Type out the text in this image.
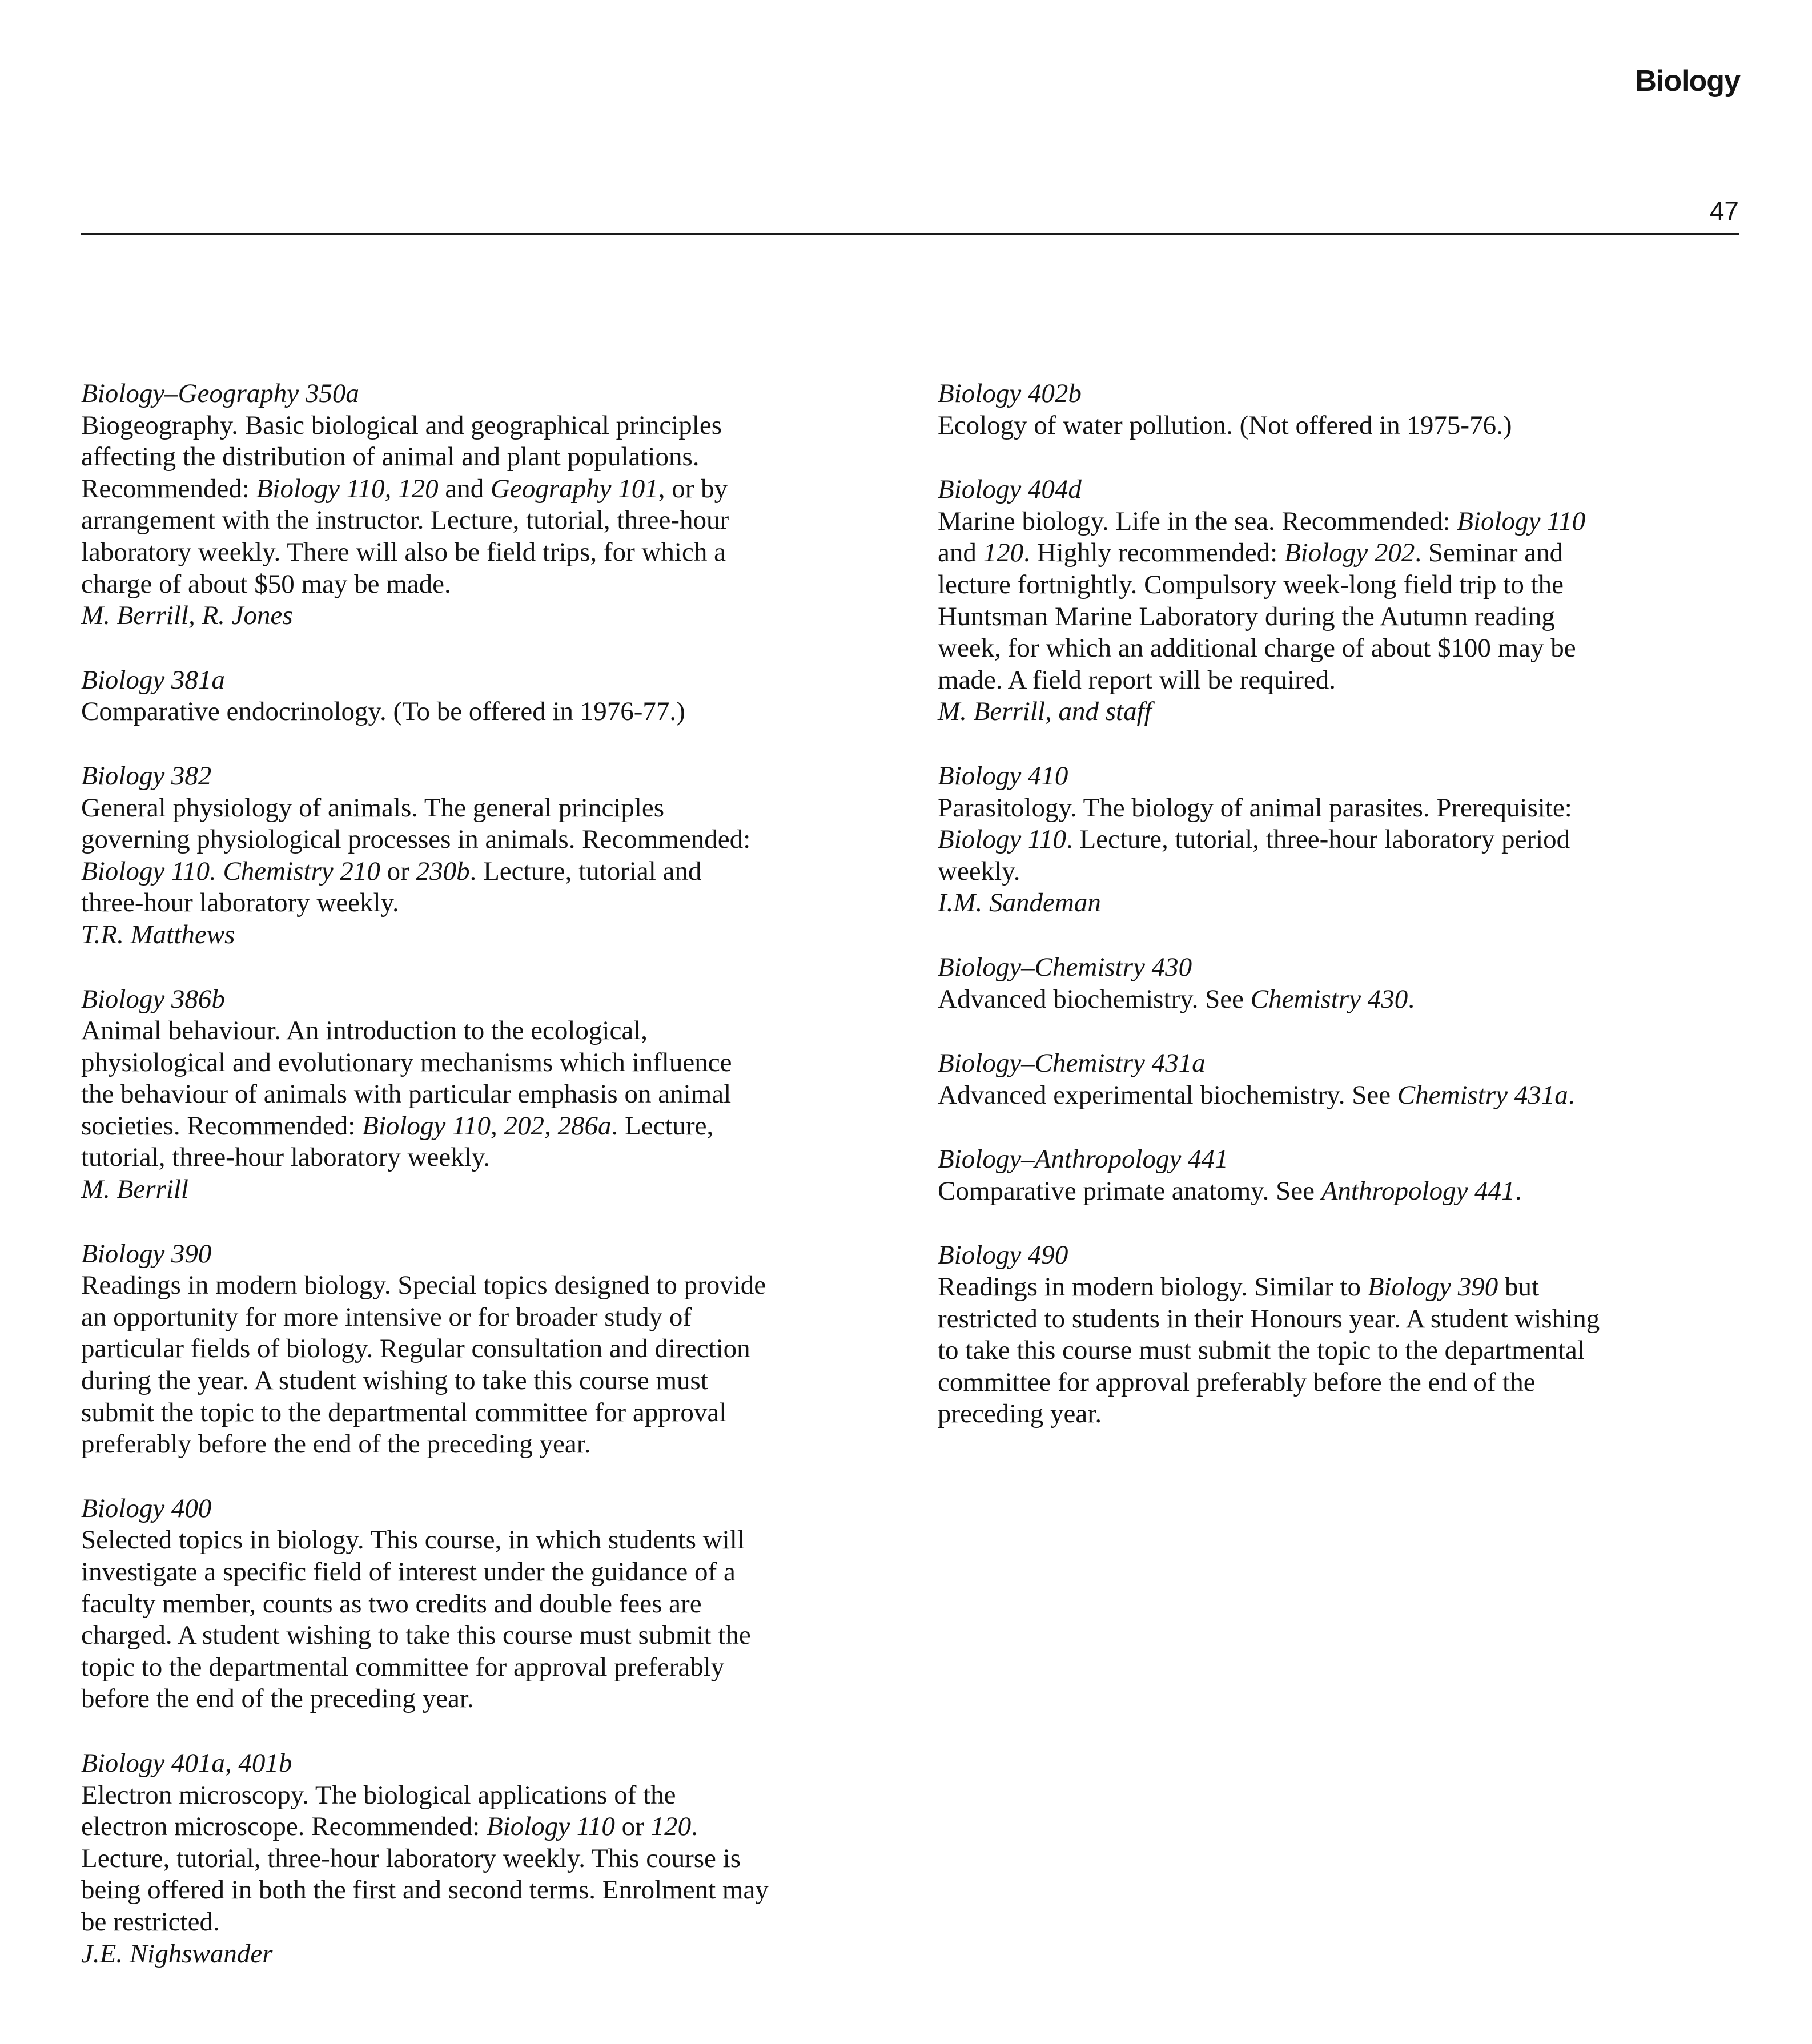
Biology
47

Biology–Geography 350a

Biogeography. Basic biological and geographical principles
affecting the distribution of animal and plant populations.
Recommended: Biology 110, 120 and Geography 101, or by
arrangement with the instructor. Lecture, tutorial, three-hour
laboratory weekly. There will also be field trips, for which a
charge of about $50 may be made.

M. Berrill, R. Jones

Biology 381a

Comparative endocrinology. (To be offered in 1976-77.)

Biology 382

General physiology of animals. The general principles
governing physiological processes in animals. Recommended:
Biology 110. Chemistry 210 or 230b. Lecture, tutorial and
three-hour laboratory weekly.

T.R. Matthews

Biology 386b

Animal behaviour. An introduction to the ecological,
physiological and evolutionary mechanisms which influence
the behaviour of animals with particular emphasis on animal
societies. Recommended: Biology 110, 202, 286a. Lecture,
tutorial, three-hour laboratory weekly.

M. Berrill

Biology 390

Readings in modern biology. Special topics designed to provide
an opportunity for more intensive or for broader study of
particular fields of biology. Regular consultation and direction
during the year. A student wishing to take this course must
submit the topic to the departmental committee for approval
preferably before the end of the preceding year.

Biology 400

Selected topics in biology. This course, in which students will
investigate a specific field of interest under the guidance of a
faculty member, counts as two credits and double fees are
charged. A student wishing to take this course must submit the
topic to the departmental committee for approval preferably
before the end of the preceding year.

Biology 401a, 401b

Electron microscopy. The biological applications of the
electron microscope. Recommended: Biology 110 or 120.
Lecture, tutorial, three-hour laboratory weekly. This course is
being offered in both the first and second terms. Enrolment may
be restricted.

J.E. Nighswander

Biology 402b

Ecology of water pollution. (Not offered in 1975-76.)

Biology 404d

Marine biology. Life in the sea. Recommended: Biology 110
and 120. Highly recommended: Biology 202. Seminar and
lecture fortnightly. Compulsory week-long field trip to the
Huntsman Marine Laboratory during the Autumn reading
week, for which an additional charge of about $100 may be
made. A field report will be required.

M. Berrill, and staff

Biology 410

Parasitology. The biology of animal parasites. Prerequisite:
Biology 110. Lecture, tutorial, three-hour laboratory period
weekly.

I.M. Sandeman

Biology–Chemistry 430

Advanced biochemistry. See Chemistry 430.

Biology–Chemistry 431a

Advanced experimental biochemistry. See Chemistry 431a.

Biology–Anthropology 441

Comparative primate anatomy. See Anthropology 441.

Biology 490

Readings in modern biology. Similar to Biology 390 but
restricted to students in their Honours year. A student wishing
to take this course must submit the topic to the departmental
committee for approval preferably before the end of the
preceding year.
